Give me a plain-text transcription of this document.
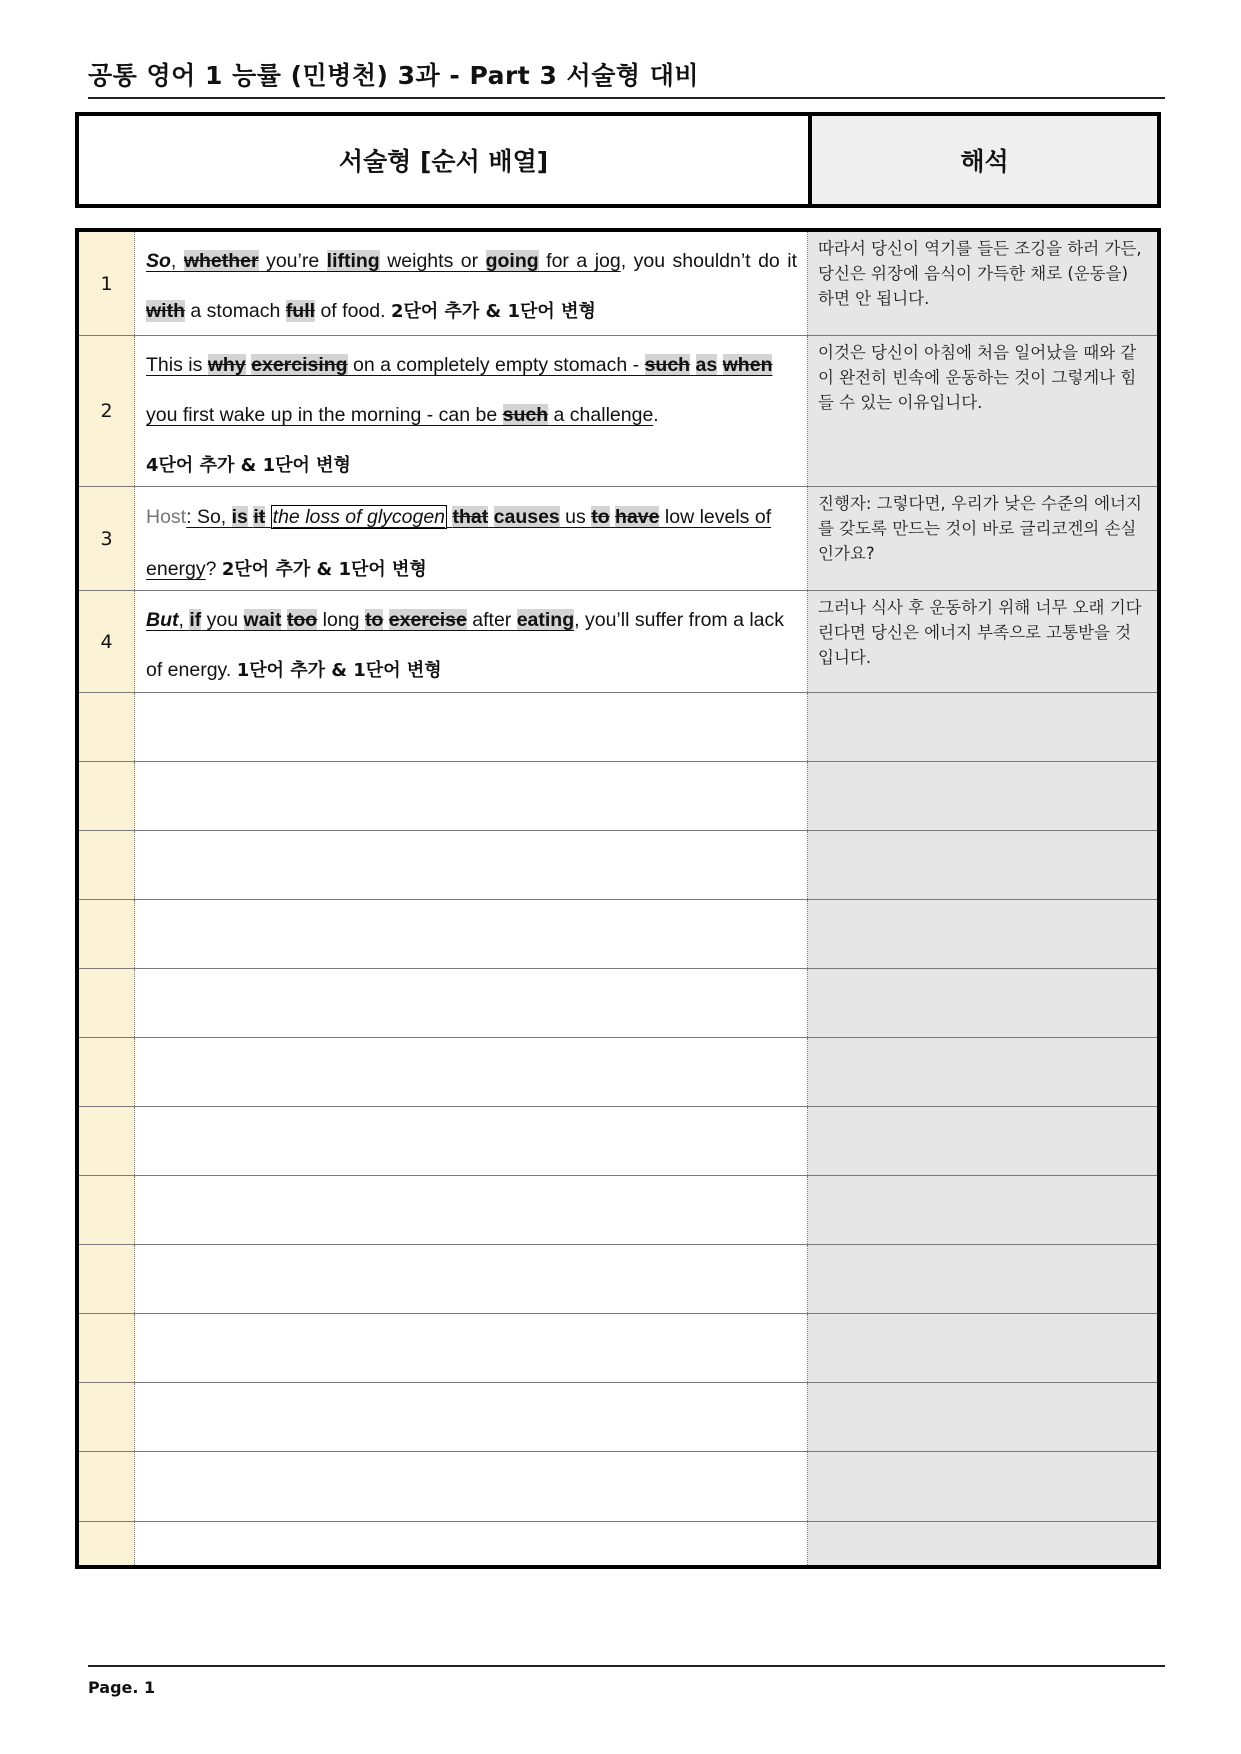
공통 영어 1 능률 (민병천) 3과 - Part 3 서술형 대비
서술형 [순서 배열]	해석
1
So, whether you’re lifting weights or going for a jog, you shouldn’t do it with a stomach full of food. 2단어 추가 & 1단어 변형
따라서 당신이 역기를 들든 조깅을 하러 가든, 당신은 위장에 음식이 가득한 채로 (운동을) 하면 안 됩니다.
2
This is why exercising on a completely empty stomach - such as when you first wake up in the morning - can be such a challenge.
4단어 추가 & 1단어 변형
이것은 당신이 아침에 처음 일어났을 때와 같이 완전히 빈속에 운동하는 것이 그렇게나 힘들 수 있는 이유입니다.
3
Host: So, is it the loss of glycogen that causes us to have low levels of energy? 2단어 추가 & 1단어 변형
진행자: 그렇다면, 우리가 낮은 수준의 에너지를 갖도록 만드는 것이 바로 글리코겐의 손실인가요?
4
But, if you wait too long to exercise after eating, you’ll suffer from a lack of energy. 1단어 추가 & 1단어 변형
그러나 식사 후 운동하기 위해 너무 오래 기다린다면 당신은 에너지 부족으로 고통받을 것입니다.
Page. 1
